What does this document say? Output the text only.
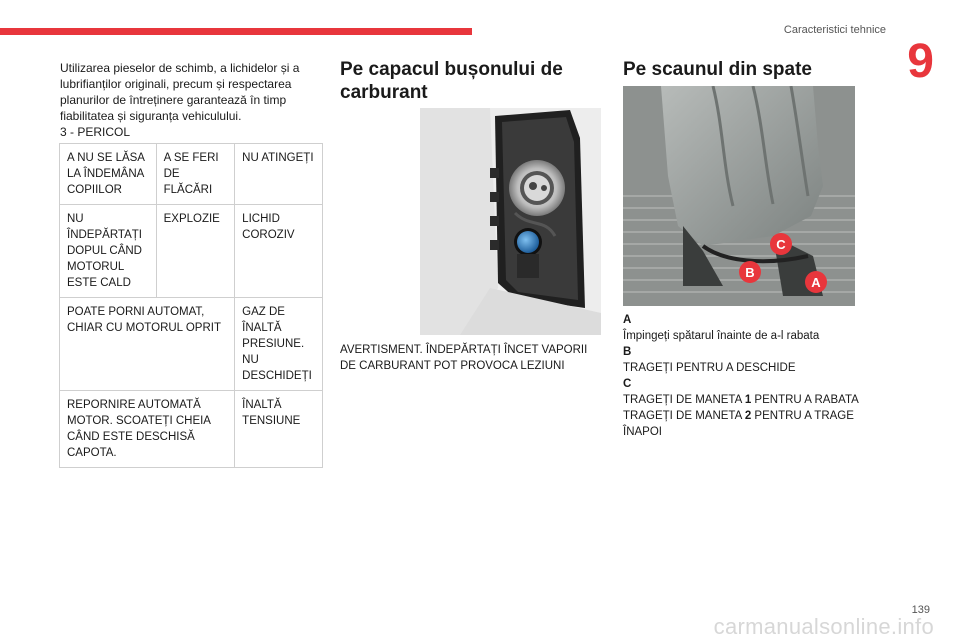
Caracteristici tehnice
9

Utilizarea pieselor de schimb, a lichidelor și a lubrifianților originali, precum și respectarea planurilor de întreținere garantează în timp fiabilitatea și siguranța vehiculului.

3 - PERICOL

A NU SE LĂSA LA ÎNDEMÂNA COPIILOR	A SE FERI DE FLĂCĂRI	NU ATINGEȚI
NU ÎNDEPĂRTAȚI DOPUL CÂND MOTORUL ESTE CALD	EXPLOZIE	LICHID COROZIV
POATE PORNI AUTOMAT, CHIAR CU MOTORUL OPRIT		GAZ DE ÎNALTĂ PRESIUNE. NU DESCHIDEȚI
REPORNIRE AUTOMATĂ MOTOR. SCOATEȚI CHEIA CÂND ESTE DESCHISĂ CAPOTA.		ÎNALTĂ TENSIUNE
Pe capacul bușonului de carburant

AVERTISMENT. ÎNDEPĂRTAȚI ÎNCET VAPORII DE CARBURANT POT PROVOCA LEZIUNI

Pe scaunul din spate
C
B
A
A
Împingeți spătarul înainte de a-l rabata
B
TRAGEȚI PENTRU A DESCHIDE
C
TRAGEȚI DE MANETA 1 PENTRU A RABATA
TRAGEȚI DE MANETA 2 PENTRU A TRAGE ÎNAPOI
139
carmanualsonline.info
